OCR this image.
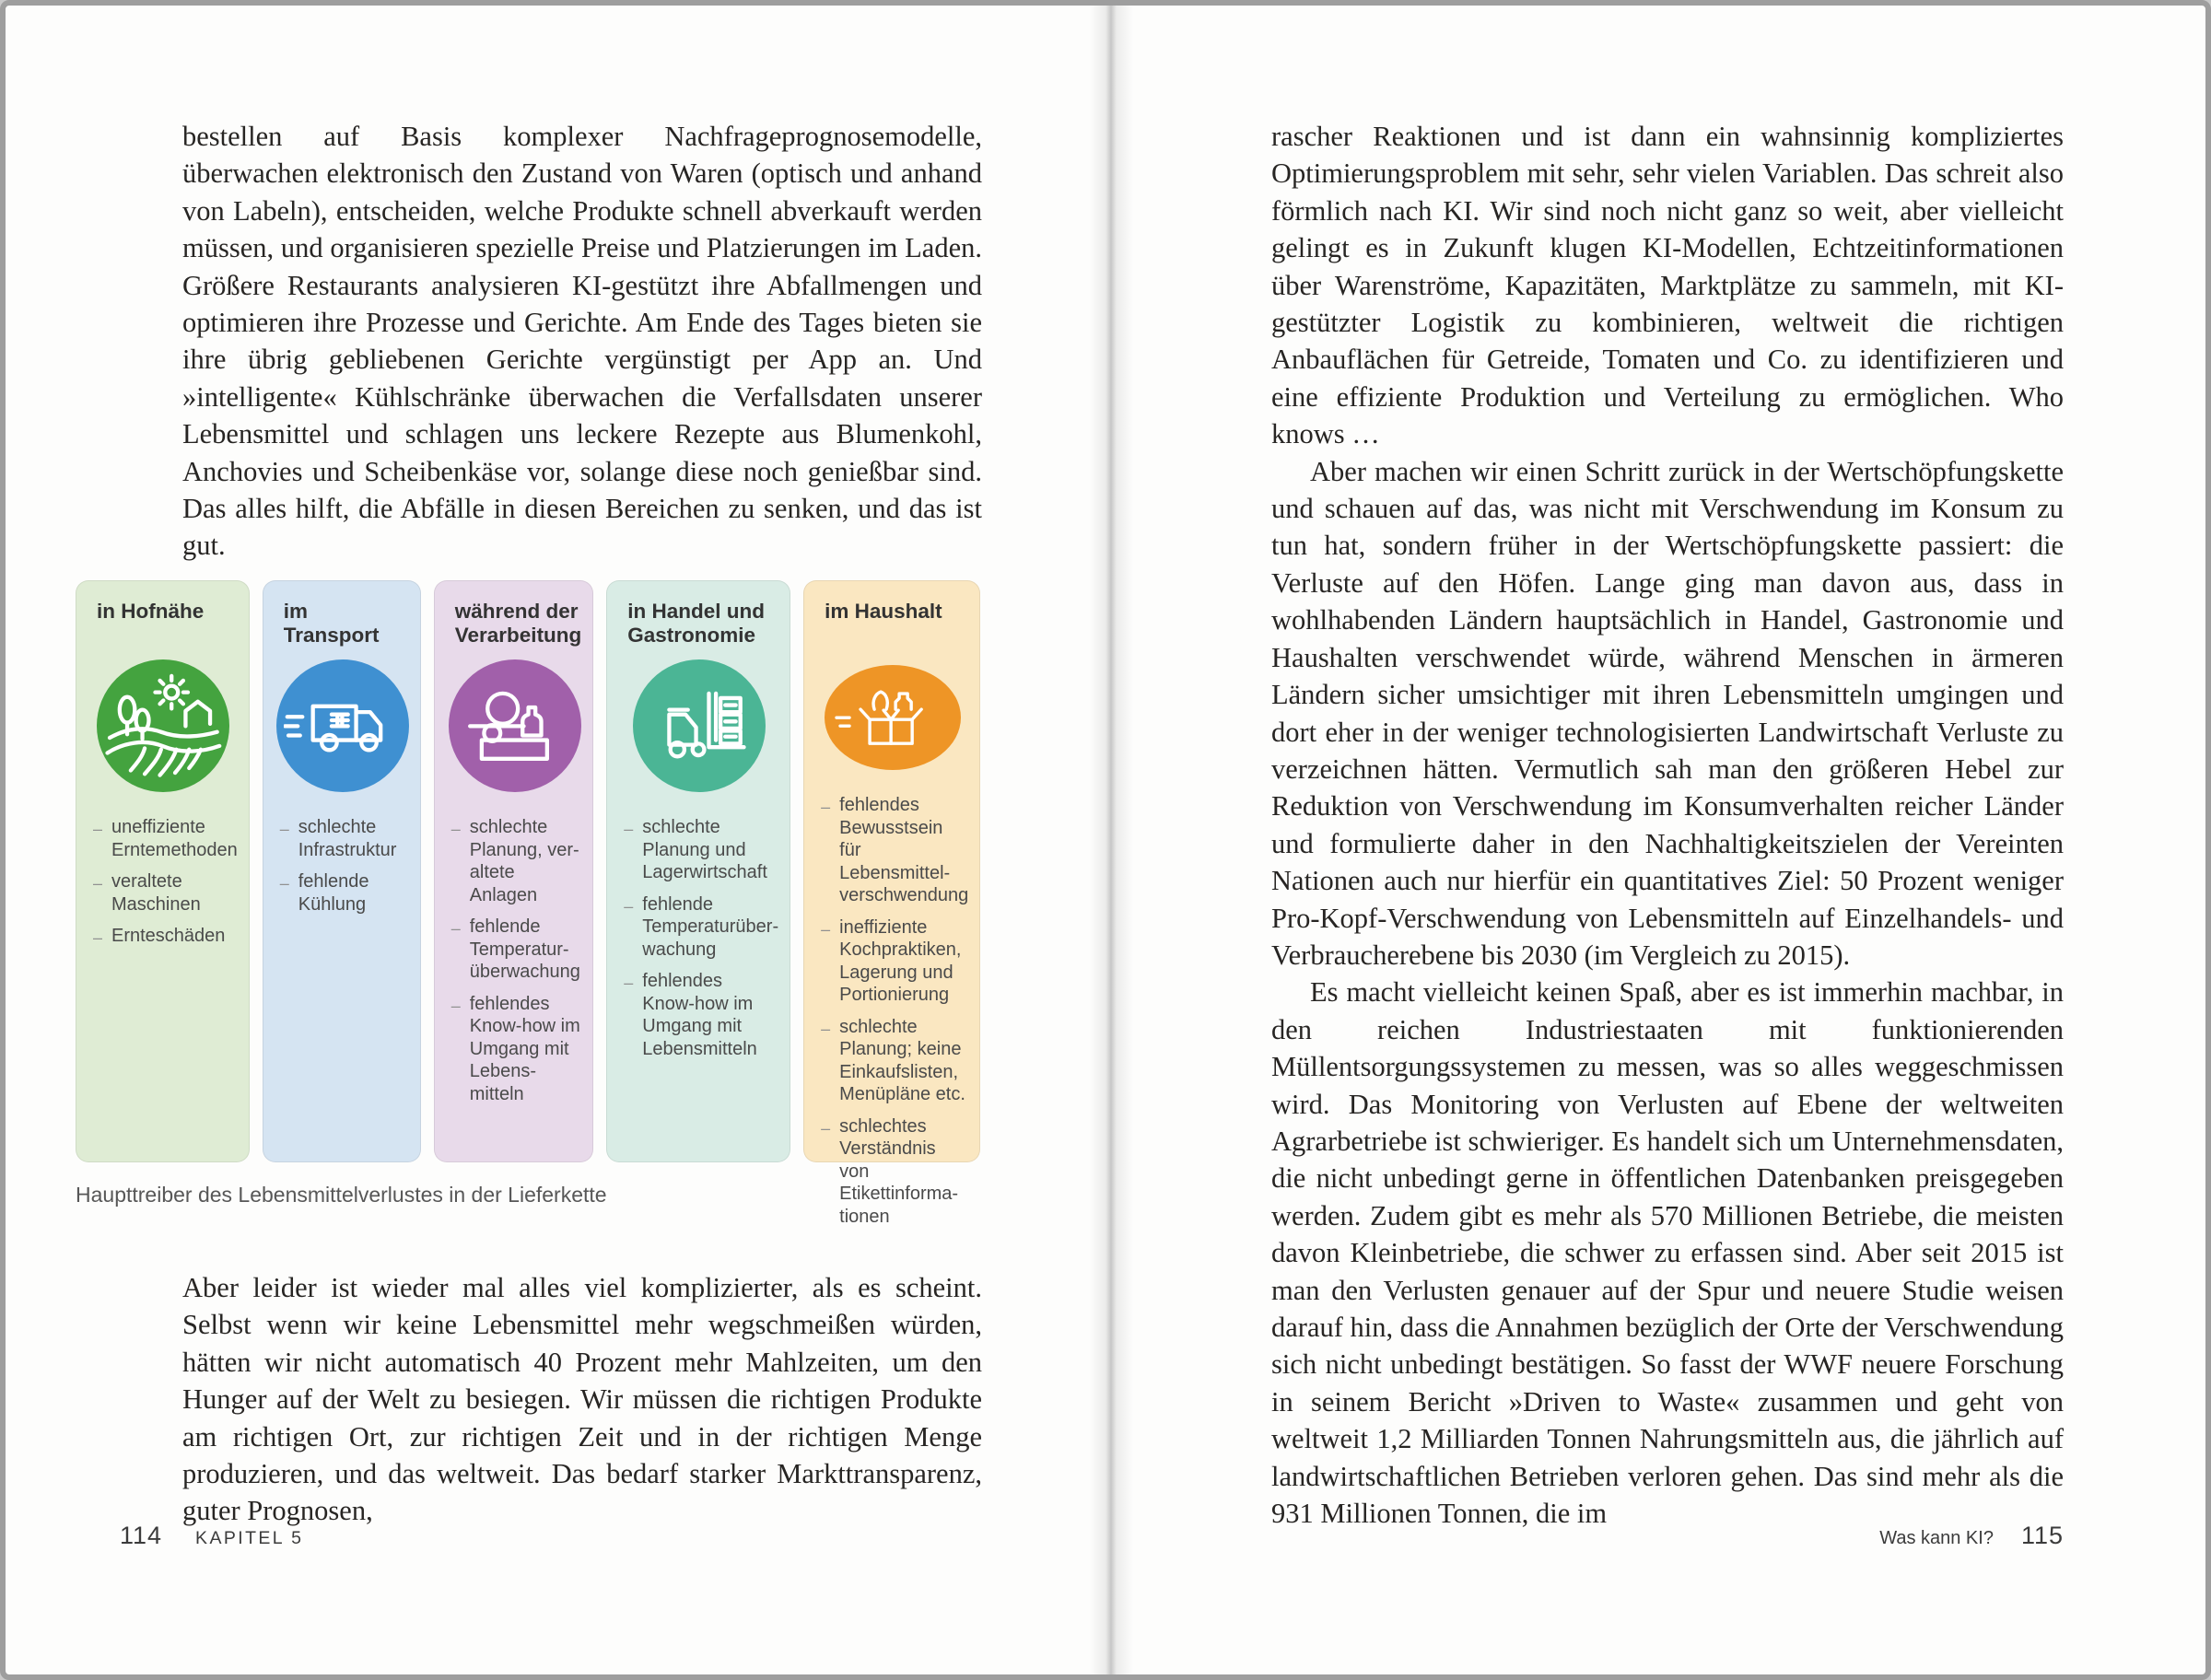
bestellen auf Basis komplexer Nachfrageprognosemodelle, überwachen elektronisch den Zustand von Waren (optisch und anhand von Labeln), entscheiden, welche Produkte schnell abverkauft werden müssen, und organisieren spezielle Preise und Platzierungen im Laden. Größere Restaurants analysieren KI-gestützt ihre Abfallmengen und optimieren ihre Prozesse und Gerichte. Am Ende des Tages bieten sie ihre übrig gebliebenen Gerichte vergünstigt per App an. Und »intelligente« Kühlschränke überwachen die Verfallsdaten unserer Lebensmittel und schlagen uns leckere Rezepte aus Blumenkohl, Anchovies und Scheibenkäse vor, solange diese noch genießbar sind. Das alles hilft, die Abfälle in diesen Bereichen zu senken, und das ist gut.

in Hofnähe
– uneffiziente Erntemethoden
– veraltete Maschinen
– Ernteschäden
im Transport
– schlechte Infrastruktur
– fehlende Kühlung
während der Verarbeitung
– schlechte Planung, veraltete Anlagen
– fehlende Temperaturüberwachung
– fehlendes Know-how im Umgang mit Lebensmitteln
in Handel und Gastronomie
– schlechte Planung und Lagerwirtschaft
– fehlende Temperaturüberwachung
– fehlendes Know-how im Umgang mit Lebensmitteln
im Haushalt
– fehlendes Bewusstsein für Lebensmittelverschwendung
– ineffiziente Kochpraktiken, Lagerung und Portionierung
– schlechte Planung; keine Einkaufslisten, Menüpläne etc.
– schlechtes Verständnis von Etikettinformationen
Haupttreiber des Lebensmittelverlustes in der Lieferkette

Aber leider ist wieder mal alles viel komplizierter, als es scheint. Selbst wenn wir keine Lebensmittel mehr wegschmeißen würden, hätten wir nicht automatisch 40 Prozent mehr Mahlzeiten, um den Hunger auf der Welt zu besiegen. Wir müssen die richtigen Produkte am richtigen Ort, zur richtigen Zeit und in der richtigen Menge produzieren, und das weltweit. Das bedarf starker Markttransparenz, guter Prognosen,

114 KAPITEL 5

rascher Reaktionen und ist dann ein wahnsinnig kompliziertes Optimierungsproblem mit sehr, sehr vielen Variablen. Das schreit also förmlich nach KI. Wir sind noch nicht ganz so weit, aber vielleicht gelingt es in Zukunft klugen KI-Modellen, Echtzeitinformationen über Warenströme, Kapazitäten, Marktplätze zu sammeln, mit KI-gestützter Logistik zu kombinieren, weltweit die richtigen Anbauflächen für Getreide, Tomaten und Co. zu identifizieren und eine effiziente Produktion und Verteilung zu ermöglichen. Who knows …

Aber machen wir einen Schritt zurück in der Wertschöpfungskette und schauen auf das, was nicht mit Verschwendung im Konsum zu tun hat, sondern früher in der Wertschöpfungskette passiert: die Verluste auf den Höfen. Lange ging man davon aus, dass in wohlhabenden Ländern hauptsächlich in Handel, Gastronomie und Haushalten verschwendet würde, während Menschen in ärmeren Ländern sicher umsichtiger mit ihren Lebensmitteln umgingen und dort eher in der weniger technologisierten Landwirtschaft Verluste zu verzeichnen hätten. Vermutlich sah man den größeren Hebel zur Reduktion von Verschwendung im Konsumverhalten reicher Länder und formulierte daher in den Nachhaltigkeitszielen der Vereinten Nationen auch nur hierfür ein quantitatives Ziel: 50 Prozent weniger Pro-Kopf-Verschwendung von Lebensmitteln auf Einzelhandels- und Verbraucherebene bis 2030 (im Vergleich zu 2015).

Es macht vielleicht keinen Spaß, aber es ist immerhin machbar, in den reichen Industriestaaten mit funktionierenden Müllentsorgungssystemen zu messen, was so alles weggeschmissen wird. Das Monitoring von Verlusten auf Ebene der weltweiten Agrarbetriebe ist schwieriger. Es handelt sich um Unternehmensdaten, die nicht unbedingt gerne in öffentlichen Datenbanken preisgegeben werden. Zudem gibt es mehr als 570 Millionen Betriebe, die meisten davon Kleinbetriebe, die schwer zu erfassen sind. Aber seit 2015 ist man den Verlusten genauer auf der Spur und neuere Studie weisen darauf hin, dass die Annahmen bezüglich der Orte der Verschwendung sich nicht unbedingt bestätigen. So fasst der WWF neuere Forschung in seinem Bericht »Driven to Waste« zusammen und geht von weltweit 1,2 Milliarden Tonnen Nahrungsmitteln aus, die jährlich auf landwirtschaftlichen Betrieben verloren gehen. Das sind mehr als die 931 Millionen Tonnen, die im

Was kann KI? 115
